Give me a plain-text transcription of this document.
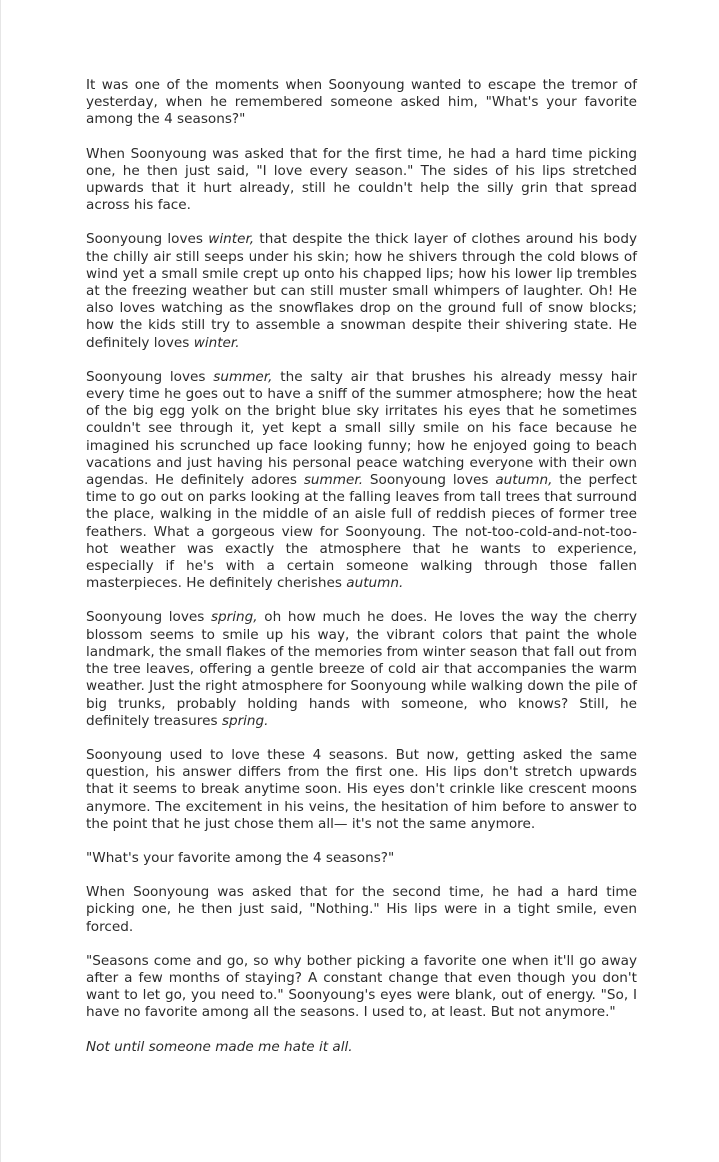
It was one of the moments when Soonyoung wanted to escape the tremor of yesterday, when he remembered someone asked him, "What's your favorite among the 4 seasons?"

When Soonyoung was asked that for the first time, he had a hard time picking one, he then just said, "I love every season." The sides of his lips stretched upwards that it hurt already, still he couldn't help the silly grin that spread across his face.

Soonyoung loves winter, that despite the thick layer of clothes around his body the chilly air still seeps under his skin; how he shivers through the cold blows of wind yet a small smile crept up onto his chapped lips; how his lower lip trembles at the freezing weather but can still muster small whimpers of laughter. Oh! He also loves watching as the snowflakes drop on the ground full of snow blocks; how the kids still try to assemble a snowman despite their shivering state. He definitely loves winter.

Soonyoung loves summer, the salty air that brushes his already messy hair every time he goes out to have a sniff of the summer atmosphere; how the heat of the big egg yolk on the bright blue sky irritates his eyes that he sometimes couldn't see through it, yet kept a small silly smile on his face because he imagined his scrunched up face looking funny; how he enjoyed going to beach vacations and just having his personal peace watching everyone with their own agendas. He definitely adores summer. Soonyoung loves autumn, the perfect time to go out on parks looking at the falling leaves from tall trees that surround the place, walking in the middle of an aisle full of reddish pieces of former tree feathers. What a gorgeous view for Soonyoung. The not-too-cold-and-not-too-hot weather was exactly the atmosphere that he wants to experience, especially if he's with a certain someone walking through those fallen masterpieces. He definitely cherishes autumn.

Soonyoung loves spring, oh how much he does. He loves the way the cherry blossom seems to smile up his way, the vibrant colors that paint the whole landmark, the small flakes of the memories from winter season that fall out from the tree leaves, offering a gentle breeze of cold air that accompanies the warm weather. Just the right atmosphere for Soonyoung while walking down the pile of big trunks, probably holding hands with someone, who knows? Still, he definitely treasures spring.

Soonyoung used to love these 4 seasons. But now, getting asked the same question, his answer differs from the first one. His lips don't stretch upwards that it seems to break anytime soon. His eyes don't crinkle like crescent moons anymore. The excitement in his veins, the hesitation of him before to answer to the point that he just chose them all— it's not the same anymore.

"What's your favorite among the 4 seasons?"

When Soonyoung was asked that for the second time, he had a hard time picking one, he then just said, "Nothing." His lips were in a tight smile, even forced.

"Seasons come and go, so why bother picking a favorite one when it'll go away after a few months of staying? A constant change that even though you don't want to let go, you need to." Soonyoung's eyes were blank, out of energy. "So, I have no favorite among all the seasons. I used to, at least. But not anymore."

Not until someone made me hate it all.
